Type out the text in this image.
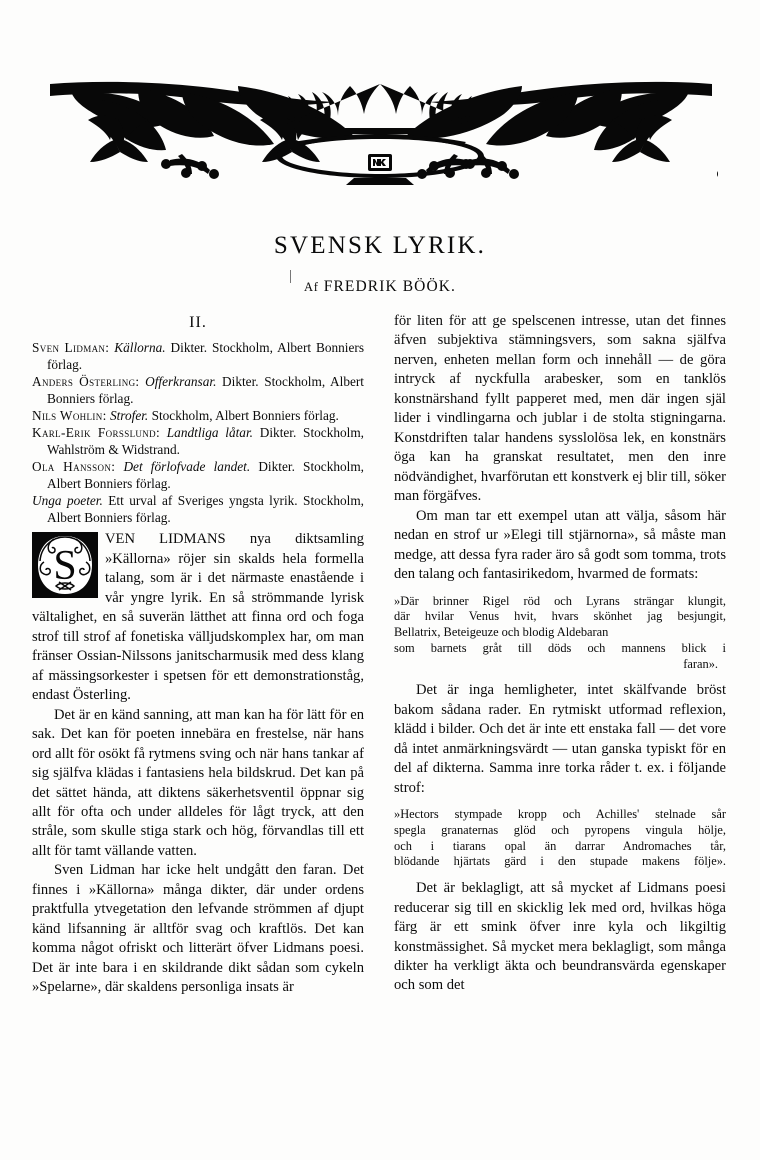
SVENSK LYRIK.

Af FREDRIK BÖÖK.

II.
Sven Lidman: Källorna. Dikter. Stockholm, Albert Bonniers förlag.
Anders Österling: Offerkransar. Dikter. Stockholm, Albert Bonniers förlag.
Nils Wohlin: Strofer. Stockholm, Albert Bonniers förlag.
Karl-Erik Forsslund: Landtliga låtar. Dikter. Stockholm, Wahlström & Widstrand.
Ola Hansson: Det förlofvade landet. Dikter. Stockholm, Albert Bonniers förlag.
Unga poeter. Ett urval af Sveriges yngsta lyrik. Stockholm, Albert Bonniers förlag.

S
VEN LIDMANS nya diktsamling »Källorna» röjer sin skalds hela formella talang, som är i det närmaste enastående i vår yngre lyrik. En så strömmande lyrisk vältalighet, en så suverän lätthet att finna ord och foga strof till strof af fonetiska välljudskomplex har, om man fränser Ossian-Nilssons janitscharmusik med dess klang af mässingsorkester i spetsen för ett demonstrationståg, endast Österling.

Det är en känd sanning, att man kan ha för lätt för en sak. Det kan för poeten innebära en frestelse, när hans ord allt för osökt få rytmens sving och när hans tankar af sig själfva klädas i fantasiens hela bildskrud. Det kan på det sättet hända, att diktens säkerhetsventil öppnar sig allt för ofta och under alldeles för lågt tryck, att den stråle, som skulle stiga stark och hög, förvandlas till ett allt för tamt vällande vatten.

Sven Lidman har icke helt undgått den faran. Det finnes i »Källorna» många dikter, där under ordens praktfulla ytvegetation den lefvande strömmen af djupt känd lifsanning är alltför svag och kraftlös. Det kan komma något ofriskt och litterärt öfver Lidmans poesi. Det är inte bara i en skildrande dikt sådan som cykeln »Spelarne», där skaldens personliga insats är

för liten för att ge spelscenen intresse, utan det finnes äfven subjektiva stämningsvers, som sakna själfva nerven, enheten mellan form och innehåll — de göra intryck af nyckfulla arabesker, som en tanklös konstnärshand fyllt papperet med, men där ingen själ lider i vindlingarna och jublar i de stolta stigningarna. Konstdriften talar handens sysslolösa lek, en konstnärs öga kan ha granskat resultatet, men den inre nödvändighet, hvarförutan ett konstverk ej blir till, söker man förgäfves.

Om man tar ett exempel utan att välja, såsom här nedan en strof ur »Elegi till stjärnorna», så måste man medge, att dessa fyra rader äro så godt som tomma, trots den talang och fantasirikedom, hvarmed de formats:

»Där brinner Rigel röd och Lyrans strängar klungit,
där hvilar Venus hvit, hvars skönhet jag besjungit,
Bellatrix, Beteigeuze och blodig Aldebaran
som barnets gråt till döds och mannens blick i
faran».

Det är inga hemligheter, intet skälfvande bröst bakom sådana rader. En rytmiskt utformad reflexion, klädd i bilder. Och det är inte ett enstaka fall — det vore då intet anmärkningsvärdt — utan ganska typiskt för en del af dikterna. Samma inre torka råder t. ex. i följande strof:

»Hectors stympade kropp och Achilles' stelnade sår
spegla granaternas glöd och pyropens vingula hölje,
och i tiarans opal än darrar Andromaches tår,
blödande hjärtats gärd i den stupade makens följe».

Det är beklagligt, att så mycket af Lidmans poesi reducerar sig till en skicklig lek med ord, hvilkas höga färg är ett smink öfver inre kyla och likgiltig konstmässighet. Så mycket mera beklagligt, som många dikter ha verkligt äkta och beundransvärda egenskaper och som det
